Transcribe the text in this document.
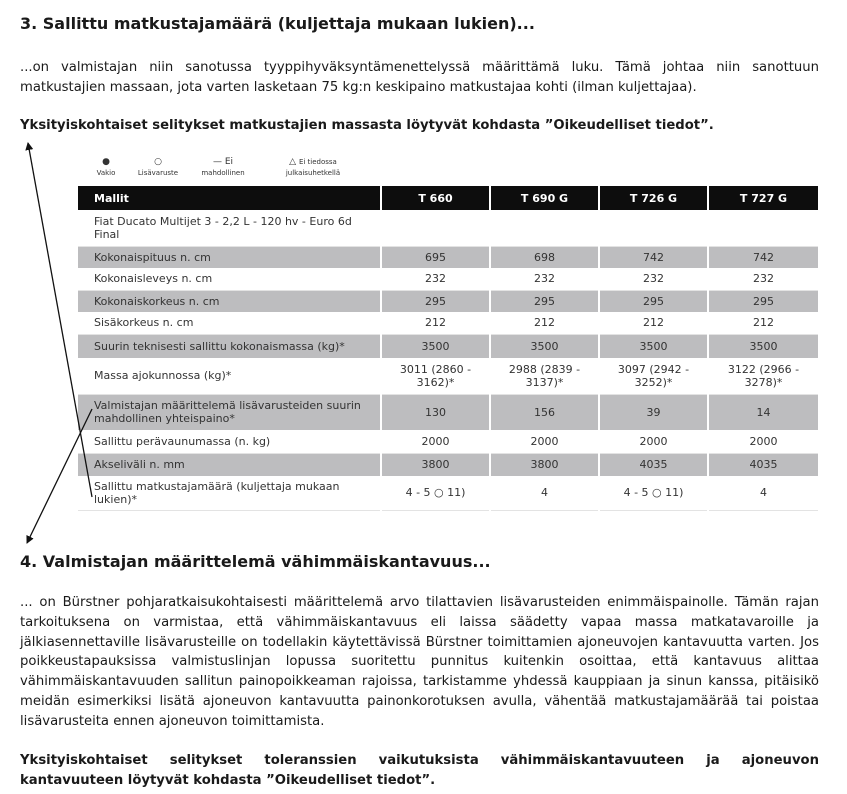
3. Sallittu matkustajamäärä (kuljettaja mukaan lukien)...

...on valmistajan niin sanotussa tyyppihyväksyntämenettelyssä määrittämä luku. Tämä johtaa niin sanottuun matkustajien massaan, jota varten lasketaan 75 kg:n keskipaino matkustajaa kohti (ilman kuljettajaa).

Yksityiskohtaiset selitykset matkustajien massasta löytyvät kohdasta ”Oikeudelliset tiedot”.

●
Vakio
○
Lisävaruste
— Ei
mahdollinen
△ Ei tiedossa
julkaisuhetkellä
Mallit	T 660	T 690 G	T 726 G	T 727 G
Fiat Ducato Multijet 3 - 2,2 L - 120 hv - Euro 6d Final				
Kokonaispituus n. cm	695	698	742	742
Kokonaisleveys n. cm	232	232	232	232
Kokonaiskorkeus n. cm	295	295	295	295
Sisäkorkeus n. cm	212	212	212	212
Suurin teknisesti sallittu kokonaismassa (kg)*	3500	3500	3500	3500
Massa ajokunnossa (kg)*	3011 (2860 - 3162)*	2988 (2839 - 3137)*	3097 (2942 - 3252)*	3122 (2966 - 3278)*
Valmistajan määrittelemä lisävarusteiden suurin mahdollinen yhteispaino*	130	156	39	14
Sallittu perävaunumassa (n. kg)	2000	2000	2000	2000
Akseliväli n. mm	3800	3800	4035	4035
Sallittu matkustajamäärä (kuljettaja mukaan lukien)*	4 - 5 ○ 11)	4	4 - 5 ○ 11)	4
4. Valmistajan määrittelemä vähimmäiskantavuus...

... on Bürstner pohjaratkaisukohtaisesti määrittelemä arvo tilattavien lisävarusteiden enimmäispainolle. Tämän rajan tarkoituksena on varmistaa, että vähimmäiskantavuus eli laissa säädetty vapaa massa matkatavaroille ja jälkiasennettaville lisävarusteille on todellakin käytettävissä Bürstner toimittamien ajoneuvojen kantavuutta varten. Jos poikkeustapauksissa valmistuslinjan lopussa suoritettu punnitus kuitenkin osoittaa, että kantavuus alittaa vähimmäiskantavuuden sallitun painopoikkeaman rajoissa, tarkistamme yhdessä kauppiaan ja sinun kanssa, pitäisikö meidän esimerkiksi lisätä ajoneuvon kantavuutta painonkorotuksen avulla, vähentää matkustajamäärää tai poistaa lisävarusteita ennen ajoneuvon toimittamista.

Yksityiskohtaiset selitykset toleranssien vaikutuksista vähimmäiskantavuuteen ja ajoneuvon kantavuuteen löytyvät kohdasta ”Oikeudelliset tiedot”.
